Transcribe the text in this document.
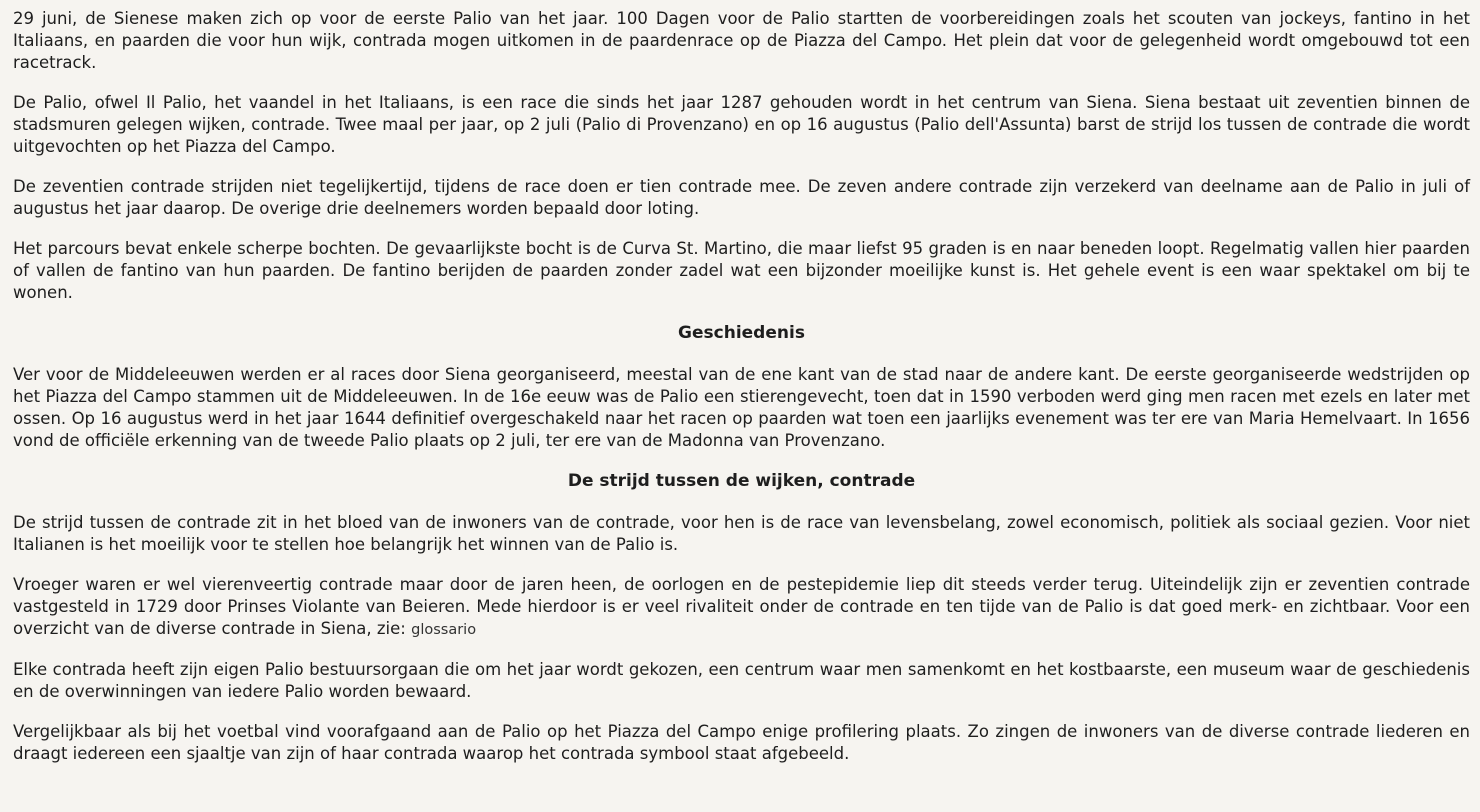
29 juni, de Sienese maken zich op voor de eerste Palio van het jaar. 100 Dagen voor de Palio startten de voorbereidingen zoals het scouten van jockeys, fantino in het Italiaans, en paarden die voor hun wijk, contrada mogen uitkomen in de paardenrace op de Piazza del Campo. Het plein dat voor de gelegenheid wordt omgebouwd tot een racetrack.

De Palio, ofwel Il Palio, het vaandel in het Italiaans, is een race die sinds het jaar 1287 gehouden wordt in het centrum van Siena. Siena bestaat uit zeventien binnen de stadsmuren gelegen wijken, contrade. Twee maal per jaar, op 2 juli (Palio di Provenzano) en op 16 augustus (Palio dell'Assunta) barst de strijd los tussen de contrade die wordt uitgevochten op het Piazza del Campo.

De zeventien contrade strijden niet tegelijkertijd, tijdens de race doen er tien contrade mee. De zeven andere contrade zijn verzekerd van deelname aan de Palio in juli of augustus het jaar daarop. De overige drie deelnemers worden bepaald door loting.

Het parcours bevat enkele scherpe bochten. De gevaarlijkste bocht is de Curva St. Martino, die maar liefst 95 graden is en naar beneden loopt. Regelmatig vallen hier paarden of vallen de fantino van hun paarden. De fantino berijden de paarden zonder zadel wat een bijzonder moeilijke kunst is. Het gehele event is een waar spektakel om bij te wonen.

Geschiedenis

Ver voor de Middeleeuwen werden er al races door Siena georganiseerd, meestal van de ene kant van de stad naar de andere kant. De eerste georganiseerde wedstrijden op het Piazza del Campo stammen uit de Middeleeuwen. In de 16e eeuw was de Palio een stierengevecht, toen dat in 1590 verboden werd ging men racen met ezels en later met ossen. Op 16 augustus werd in het jaar 1644 definitief overgeschakeld naar het racen op paarden wat toen een jaarlijks evenement was ter ere van Maria Hemelvaart. In 1656 vond de officiële erkenning van de tweede Palio plaats op 2 juli, ter ere van de Madonna van Provenzano.

De strijd tussen de wijken, contrade

De strijd tussen de contrade zit in het bloed van de inwoners van de contrade, voor hen is de race van levensbelang, zowel economisch, politiek als sociaal gezien. Voor niet Italianen is het moeilijk voor te stellen hoe belangrijk het winnen van de Palio is.

Vroeger waren er wel vierenveertig contrade maar door de jaren heen, de oorlogen en de pestepidemie liep dit steeds verder terug. Uiteindelijk zijn er zeventien contrade vastgesteld in 1729 door Prinses Violante van Beieren. Mede hierdoor is er veel rivaliteit onder de contrade en ten tijde van de Palio is dat goed merk- en zichtbaar. Voor een overzicht van de diverse contrade in Siena, zie: glossario

Elke contrada heeft zijn eigen Palio bestuursorgaan die om het jaar wordt gekozen, een centrum waar men samenkomt en het kostbaarste, een museum waar de geschiedenis en de overwinningen van iedere Palio worden bewaard.

Vergelijkbaar als bij het voetbal vind voorafgaand aan de Palio op het Piazza del Campo enige profilering plaats. Zo zingen de inwoners van de diverse contrade liederen en draagt iedereen een sjaaltje van zijn of haar contrada waarop het contrada symbool staat afgebeeld.
